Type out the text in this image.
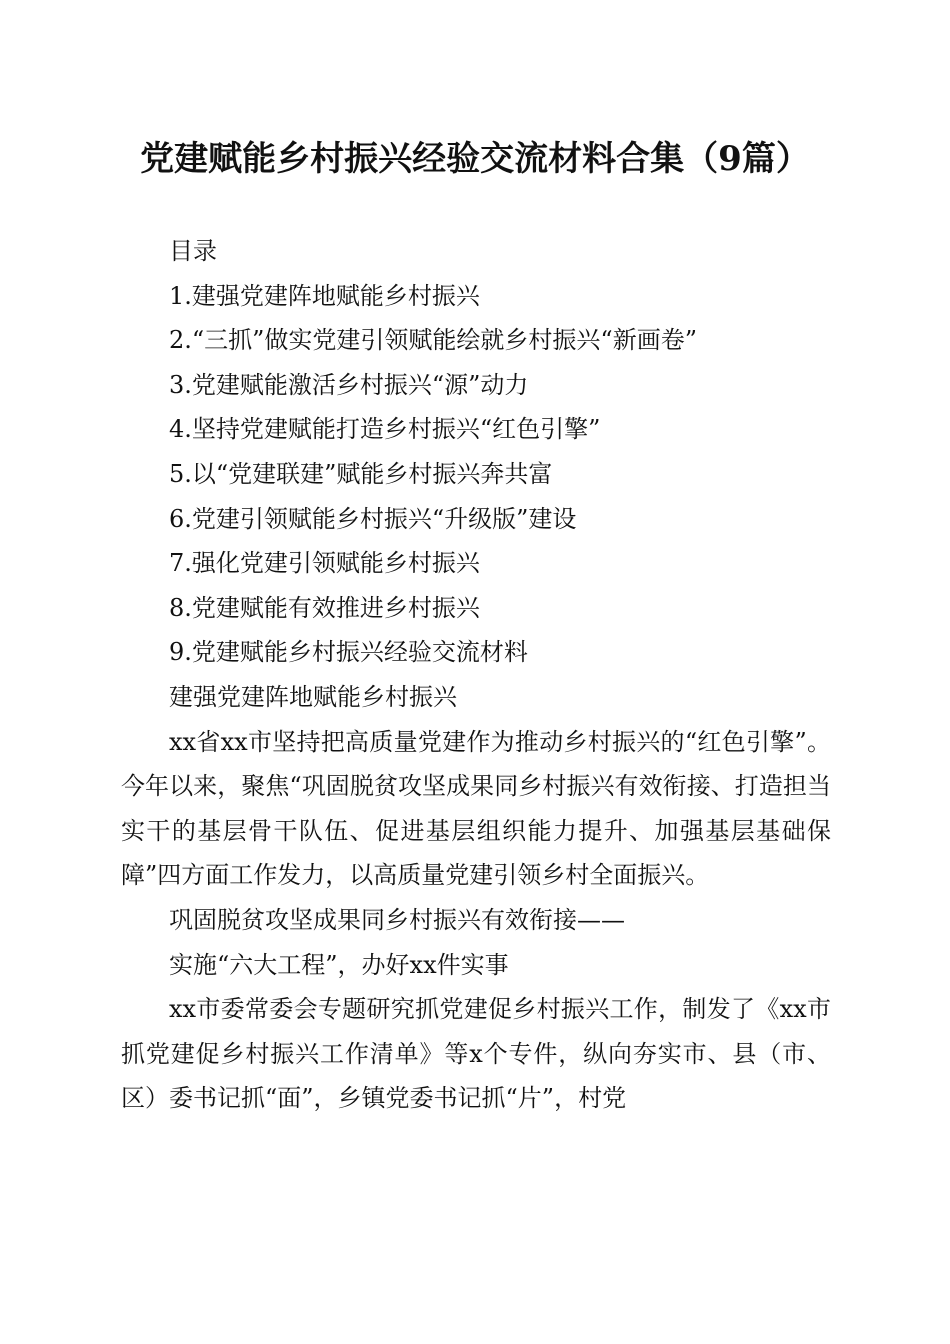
党建赋能乡村振兴经验交流材料合集（9篇）

目录

1.建强党建阵地赋能乡村振兴

2.“三抓”做实党建引领赋能绘就乡村振兴“新画卷”

3.党建赋能激活乡村振兴“源”动力

4.坚持党建赋能打造乡村振兴“红色引擎”

5.以“党建联建”赋能乡村振兴奔共富

6.党建引领赋能乡村振兴“升级版”建设

7.强化党建引领赋能乡村振兴

8.党建赋能有效推进乡村振兴

9.党建赋能乡村振兴经验交流材料

建强党建阵地赋能乡村振兴

xx省xx市坚持把高质量党建作为推动乡村振兴的“红色引擎”。今年以来，聚焦“巩固脱贫攻坚成果同乡村振兴有效衔接、打造担当实干的基层骨干队伍、促进基层组织能力提升、加强基层基础保障”四方面工作发力，以高质量党建引领乡村全面振兴。

巩固脱贫攻坚成果同乡村振兴有效衔接——

实施“六大工程”，办好xx件实事

xx市委常委会专题研究抓党建促乡村振兴工作，制发了《xx市抓党建促乡村振兴工作清单》等x个专件，纵向夯实市、县（市、区）委书记抓“面”，乡镇党委书记抓“片”，村党
